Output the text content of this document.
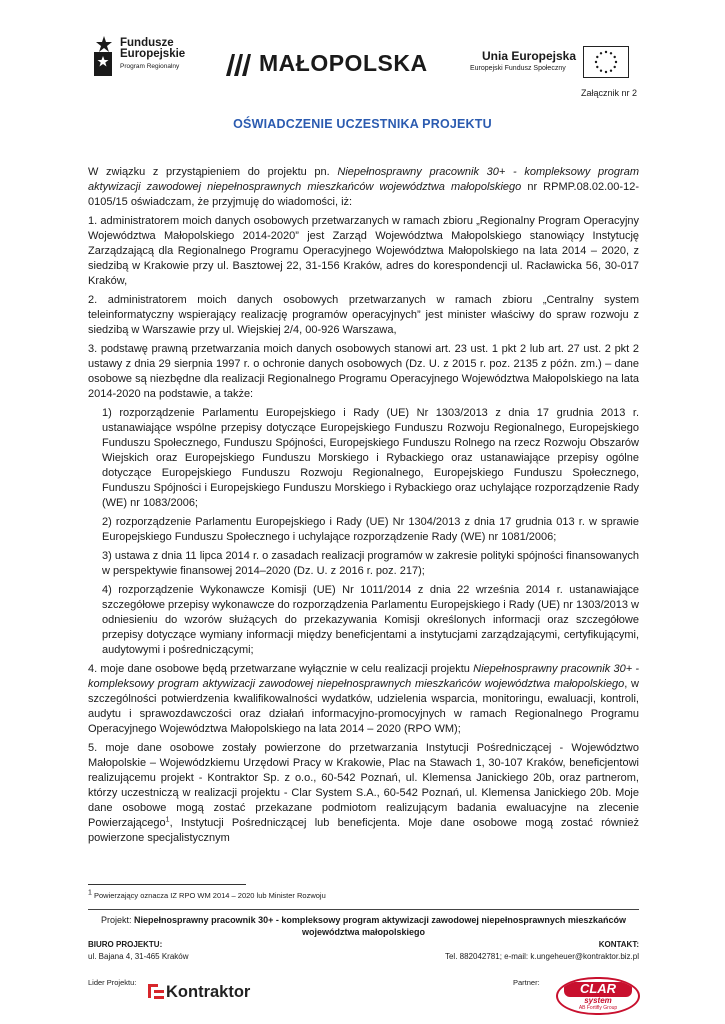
Fundusze
Europejskie
Program Regionalny	MAŁOPOLSKA	Unia Europejska
Europejski Fundusz Społeczny
Załącznik nr 2
OŚWIADCZENIE UCZESTNIKA PROJEKTU

W związku z przystąpieniem do projektu pn. Niepełnosprawny pracownik 30+ - kompleksowy program aktywizacji zawodowej niepełnosprawnych mieszkańców województwa małopolskiego nr RPMP.08.02.00-12-0105/15 oświadczam, że przyjmuję do wiadomości, iż:

1. administratorem moich danych osobowych przetwarzanych w ramach zbioru „Regionalny Program Operacyjny Województwa Małopolskiego 2014-2020” jest Zarząd Województwa Małopolskiego stanowiący Instytucję Zarządzającą dla Regionalnego Programu Operacyjnego Województwa Małopolskiego na lata 2014 – 2020, z siedzibą w Krakowie przy ul. Basztowej 22, 31-156 Kraków, adres do korespondencji ul. Racławicka 56, 30-017 Kraków,

2. administratorem moich danych osobowych przetwarzanych w ramach zbioru „Centralny system teleinformatyczny wspierający realizację programów operacyjnych” jest minister właściwy do spraw rozwoju z siedzibą w Warszawie przy ul. Wiejskiej 2/4, 00-926 Warszawa,

3. podstawę prawną przetwarzania moich danych osobowych stanowi art. 23 ust. 1 pkt 2 lub art. 27 ust. 2 pkt 2 ustawy z dnia 29 sierpnia 1997 r. o ochronie danych osobowych (Dz. U. z 2015 r. poz. 2135 z późn. zm.) – dane osobowe są niezbędne dla realizacji Regionalnego Programu Operacyjnego Województwa Małopolskiego na lata 2014-2020 na podstawie, a także:

1) rozporządzenie Parlamentu Europejskiego i Rady (UE) Nr 1303/2013 z dnia 17 grudnia 2013 r. ustanawiające wspólne przepisy dotyczące Europejskiego Funduszu Rozwoju Regionalnego, Europejskiego Funduszu Społecznego, Funduszu Spójności, Europejskiego Funduszu Rolnego na rzecz Rozwoju Obszarów Wiejskich oraz Europejskiego Funduszu Morskiego i Rybackiego oraz ustanawiające przepisy ogólne dotyczące Europejskiego Funduszu Rozwoju Regionalnego, Europejskiego Funduszu Społecznego, Funduszu Spójności i Europejskiego Funduszu Morskiego i Rybackiego oraz uchylające rozporządzenie Rady (WE) nr 1083/2006;

2) rozporządzenie Parlamentu Europejskiego i Rady (UE) Nr 1304/2013 z dnia 17 grudnia 013 r. w sprawie Europejskiego Funduszu Społecznego i uchylające rozporządzenie Rady (WE) nr 1081/2006;

3) ustawa z dnia 11 lipca 2014 r. o zasadach realizacji programów w zakresie polityki spójności finansowanych w perspektywie finansowej 2014–2020 (Dz. U. z 2016 r. poz. 217);

4) rozporządzenie Wykonawcze Komisji (UE) Nr 1011/2014 z dnia 22 września 2014 r. ustanawiające szczegółowe przepisy wykonawcze do rozporządzenia Parlamentu Europejskiego i Rady (UE) nr 1303/2013 w odniesieniu do wzorów służących do przekazywania Komisji określonych informacji oraz szczegółowe przepisy dotyczące wymiany informacji między beneficjentami a instytucjami zarządzającymi, certyfikującymi, audytowymi i pośredniczącymi;

4. moje dane osobowe będą przetwarzane wyłącznie w celu realizacji projektu Niepełnosprawny pracownik 30+ - kompleksowy program aktywizacji zawodowej niepełnosprawnych mieszkańców województwa małopolskiego, w szczególności potwierdzenia kwalifikowalności wydatków, udzielenia wsparcia, monitoringu, ewaluacji, kontroli, audytu i sprawozdawczości oraz działań informacyjno-promocyjnych w ramach Regionalnego Programu Operacyjnego Województwa Małopolskiego na lata 2014 – 2020 (RPO WM);

5. moje dane osobowe zostały powierzone do przetwarzania Instytucji Pośredniczącej - Województwo Małopolskie – Wojewódzkiemu Urzędowi Pracy w Krakowie, Plac na Stawach 1, 30-107 Kraków, beneficjentowi realizującemu projekt - Kontraktor Sp. z o.o., 60-542 Poznań, ul. Klemensa Janickiego 20b, oraz partnerom, którzy uczestniczą w realizacji projektu - Clar System S.A., 60-542 Poznań, ul. Klemensa Janickiego 20b. Moje dane osobowe mogą zostać przekazane podmiotom realizującym badania ewaluacyjne na zlecenie Powierzającego$^1$, Instytucji Pośredniczącej lub beneficjenta. Moje dane osobowe mogą zostać również powierzone specjalistycznym

$^1$ Powierzający oznacza IZ RPO WM 2014 – 2020 lub Minister Rozwoju
Projekt: Niepełnosprawny pracownik 30+ - kompleksowy program aktywizacji zawodowej niepełnosprawnych mieszkańców województwa małopolskiego
BIURO PROJEKTU:
ul. Bajana 4, 31-465 Kraków
KONTAKT:
Tel. 882042781; e-mail: k.ungeheuer@kontraktor.biz.pl
Lider Projektu:	Partner:
Kontraktor	CLAR
system
AB Fortifly Group
